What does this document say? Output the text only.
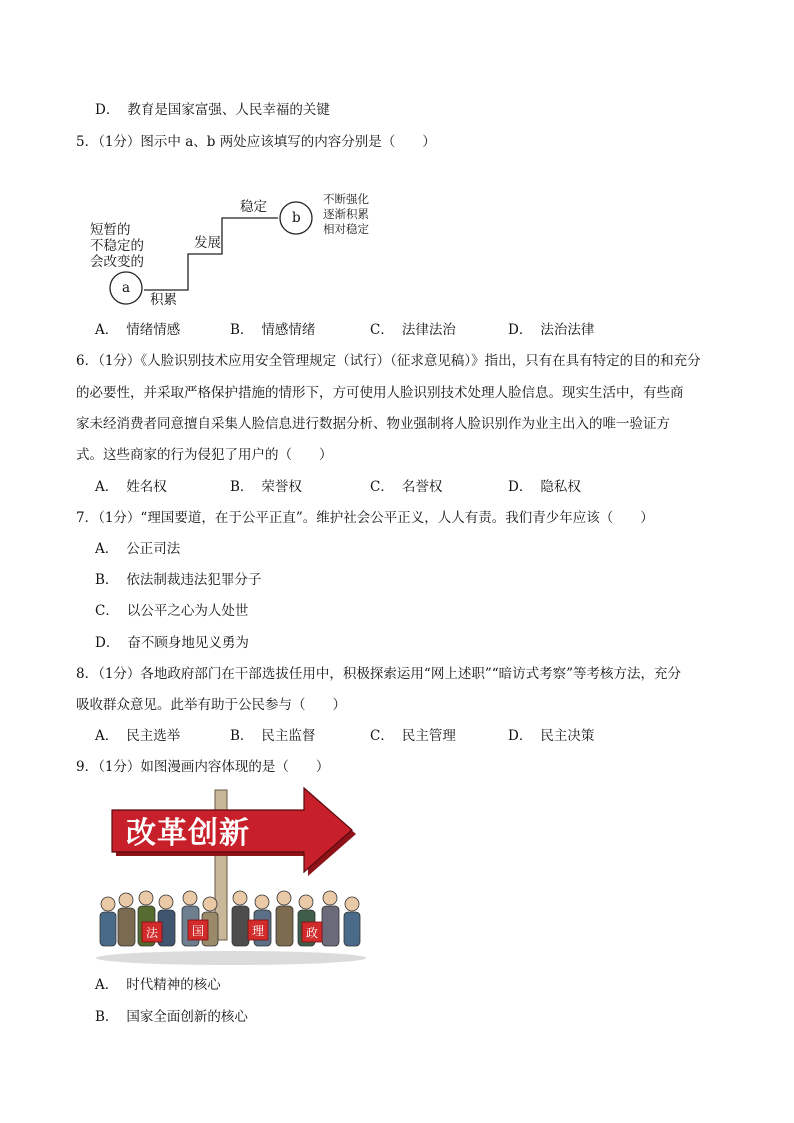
D． 教育是国家富强、人民幸福的关键
5．（1分）图示中 a、b 两处应该填写的内容分别是（　　）
短暂的
不稳定的
会改变的
a
b
积累
发展
稳定	不断强化
逐渐积累
相对稳定
A． 情绪情感	B． 情感情绪	C． 法律法治	D． 法治法律
6．（1分）《人脸识别技术应用安全管理规定（试行）（征求意见稿）》指出，只有在具有特定的目的和充分
的必要性，并采取严格保护措施的情形下，方可使用人脸识别技术处理人脸信息。现实生活中，有些商
家未经消费者同意擅自采集人脸信息进行数据分析、物业强制将人脸识别作为业主出入的唯一验证方
式。这些商家的行为侵犯了用户的（　　）
A． 姓名权	B． 荣誉权	C． 名誉权	D． 隐私权
7．（1分）“理国要道，在于公平正直”。维护社会公平正义，人人有责。我们青少年应该（　　）
A． 公正司法
B． 依法制裁违法犯罪分子
C． 以公平之心为人处世
D． 奋不顾身地见义勇为
8．（1分）各地政府部门在干部选拔任用中，积极探索运用“网上述职”“暗访式考察”等考核方法，充分
吸收群众意见。此举有助于公民参与（　　）
A． 民主选举	B． 民主监督	C． 民主管理	D． 民主决策
9．（1分）如图漫画内容体现的是（　　）
改革创新
法	国	理	政
A． 时代精神的核心
B． 国家全面创新的核心
